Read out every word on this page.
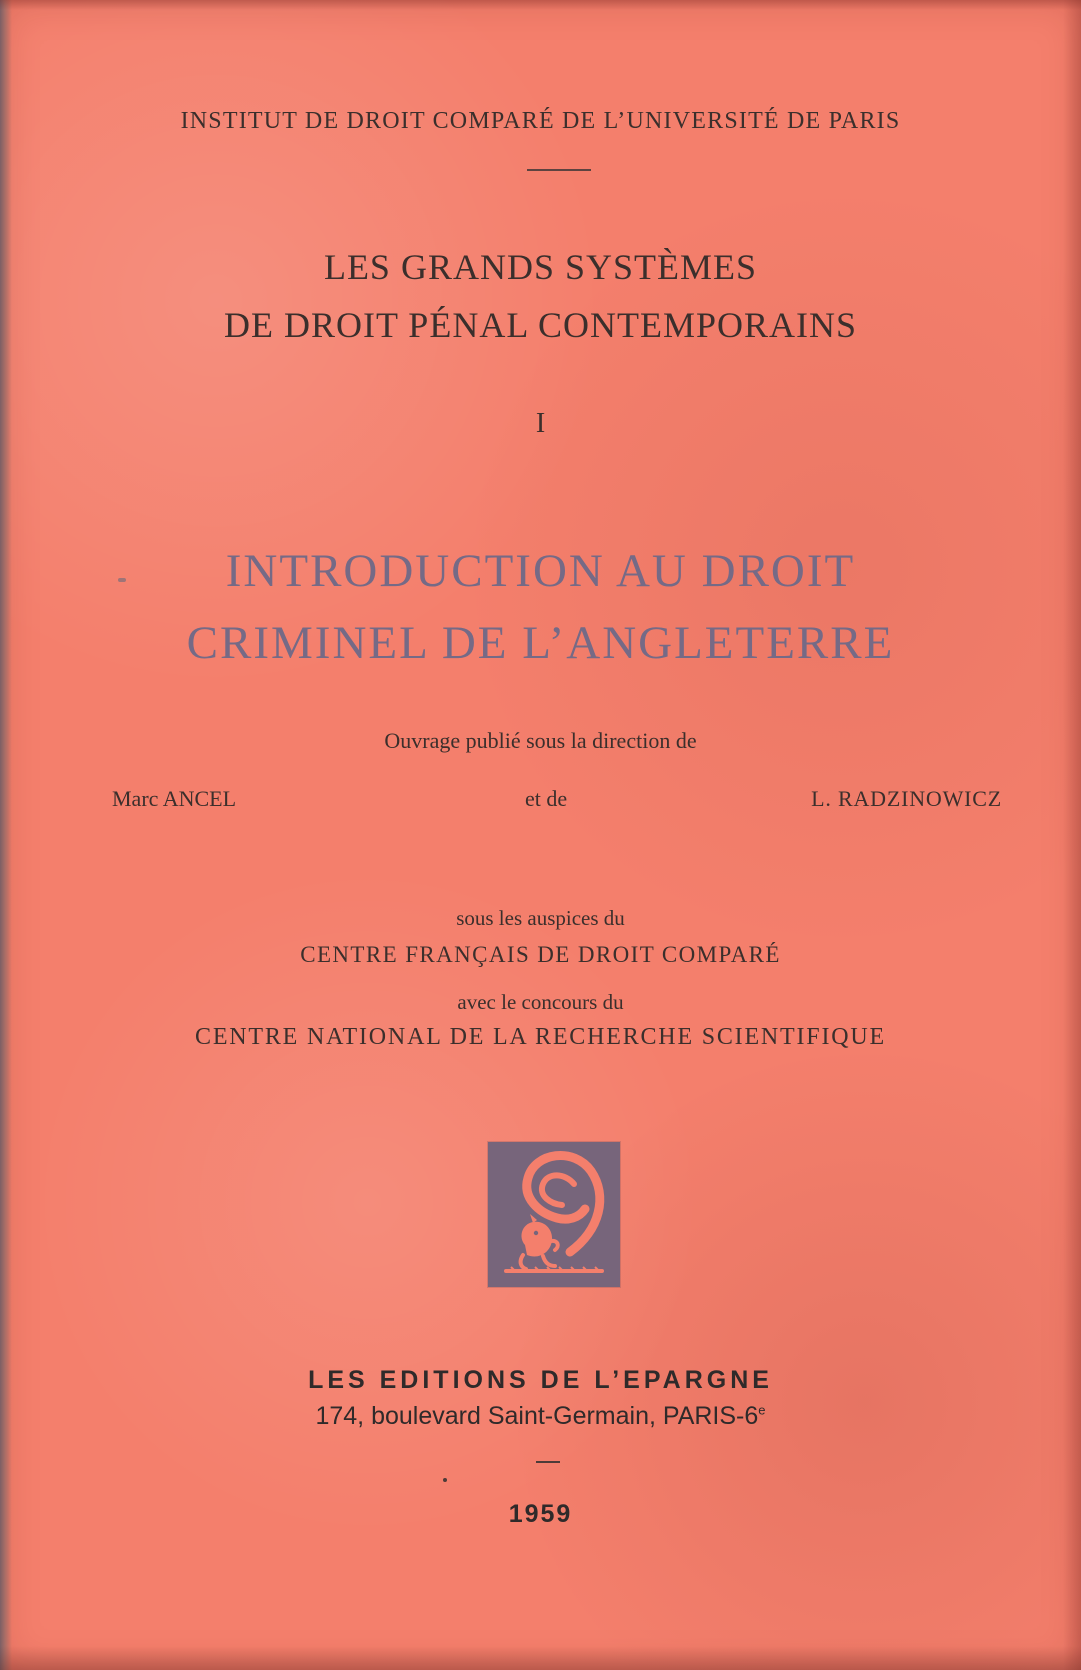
INSTITUT DE DROIT COMPARÉ DE L’UNIVERSITÉ DE PARIS
LES GRANDS SYSTÈMES
DE DROIT PÉNAL CONTEMPORAINS
I
INTRODUCTION AU DROIT
CRIMINEL DE L’ANGLETERRE
Ouvrage publié sous la direction de
Marc ANCEL	et de	L. RADZINOWICZ
sous les auspices du
CENTRE FRANÇAIS DE DROIT COMPARÉ
avec le concours du
CENTRE NATIONAL DE LA RECHERCHE SCIENTIFIQUE
LES EDITIONS DE L’EPARGNE
174, boulevard Saint-Germain, PARIS-6e
1959
